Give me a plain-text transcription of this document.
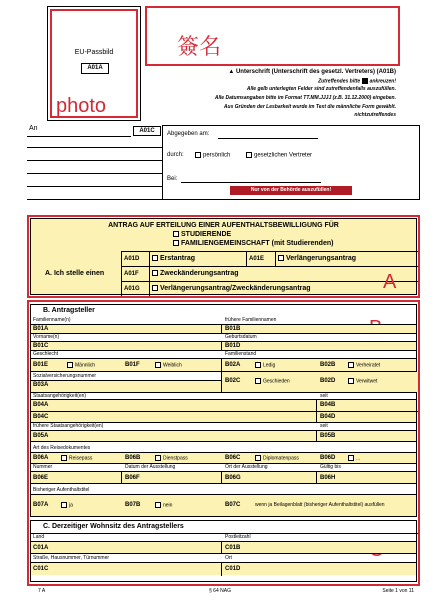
EU-Passbild
A01A
photo
簽名
▲ Unterschrift (Unterschrift des gesetzl. Vertreters) (A01B)
Zutreffendes bitte ankreuzen!
Alle gelb unterlegten Felder sind zutreffendenfalls auszufüllen.
Alle Datumsangaben bitte im Format TT.MM.JJJJ (z.B. 31.12.2000) eingeben.
Aus Gründen der Lesbarkeit wurde im Text die männliche Form gewählt.
nichtzutreffendes
An	A01C	Abgegeben am:
durch:	persönlich	gesetzlichen Vertreter
Bei:
Nur von der Behörde auszufüllen!
ANTRAG AUF ERTEILUNG EINER AUFENTHALTSBEWILLIGUNG FÜR
STUDIERENDE
FAMILIENGEMEINSCHAFT (mit Studierenden)
A. Ich stelle einen
A01D	Erstantrag	A01E	Verlängerungsantrag
A01F	Zweckänderungsantrag
A01G	Verlängerungsantrag/Zweckänderungsantrag	A
B. Antragsteller
Familienname(n)	frühere Familiennamen
B01A	B01B
Vorname(n)	Geburtsdatum
B01C	B01D
Geschlecht	Familienstand
B01E	Männlich	B01F	Weiblich	B02A	Ledig	B02B	Verheiratet
Sozialversicherungsnummer
B03A
B02C	Geschieden	B02D	Verwitwet
Staatsangehörigkeit(en)	seit
B04A	B04B
B04C	B04D
frühere Staatsangehörigkeit(en)	seit
B05A	B05B
Art des Reisedokumentes
B06A	Reisepass	B06B	Dienstpass	B06C	Diplomatenpass	B06D	...
Nummer	Datum der Ausstellung	Ort der Ausstellung	Gültig bis
B06E	B06F	B06G	B06H
Bisheriger Aufenthaltstitel
B07A	ja	B07B	nein	B07C	wenn ja Beilagenblatt (bisheriger Aufenthaltstitel) ausfüllen
C. Derzeitiger Wohnsitz des Antragstellers
Land	Postleitzahl
C01A	C01B
Straße, Hausnummer, Türnummer	Ort
C01C	C01D
7 A	§ 64 NAG	Seite 1 von 11
